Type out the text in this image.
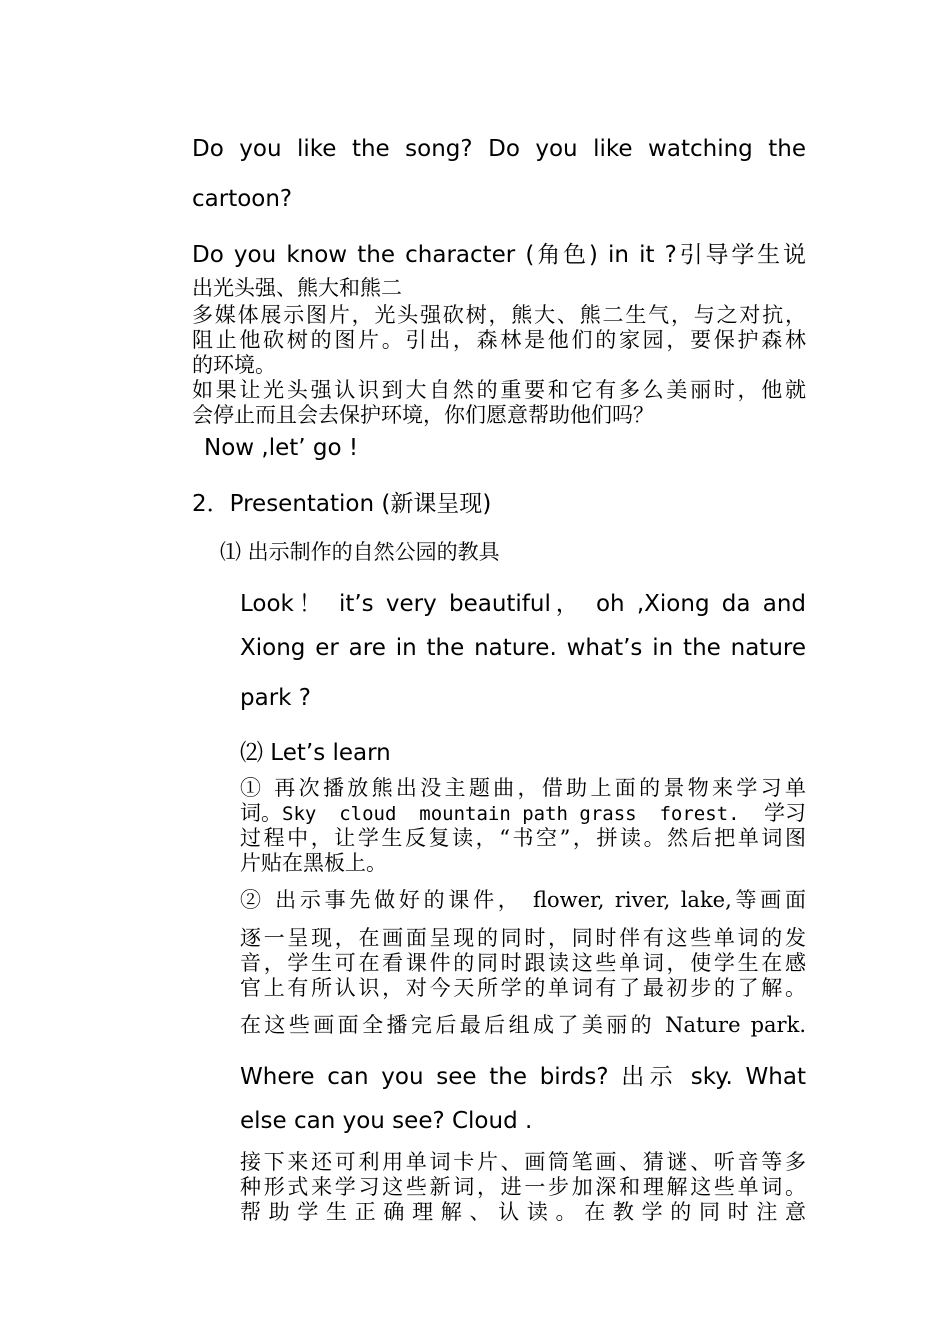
Do you like the song? Do you like watching the
cartoon?
Do you know the character (角色) in it ?引导学生说
出光头强、熊大和熊二
多媒体展示图片，光头强砍树，熊大、熊二生气，与之对抗，
阻止他砍树的图片。引出，森林是他们的家园，要保护森林
的环境。
如果让光头强认识到大自然的重要和它有多么美丽时，他就
会停止而且会去保护环境，你们愿意帮助他们吗？
Now ,let’ go !
2．Presentation (新课呈现)
⑴ 出示制作的自然公园的教具
Look！ it’s very beautiful， oh ,Xiong da and
Xiong er are in the nature. what’s in the nature
park ?
⑵ Let’s learn
① 再次播放熊出没主题曲，借助上面的景物来学习单
词。 Sky  cloud  mountain path grass  forest.	学习
过程中，让学生反复读，“书空”，拼读。然后把单词图
片贴在黑板上。
② 出示事先做好的课件， flower, river, lake,等画面
逐一呈现，在画面呈现的同时，同时伴有这些单词的发
音，学生可在看课件的同时跟读这些单词，使学生在感
官上有所认识，对今天所学的单词有了最初步的了解。
在这些画面全播完后最后组成了美丽的 Nature park.
Where can you see the birds? 出示 sky. What
else can you see? Cloud .
接下来还可利用单词卡片、画筒笔画、猜谜、听音等多
种形式来学习这些新词，进一步加深和理解这些单词。
帮助学生正确理解、认读。在教学的同时注意
